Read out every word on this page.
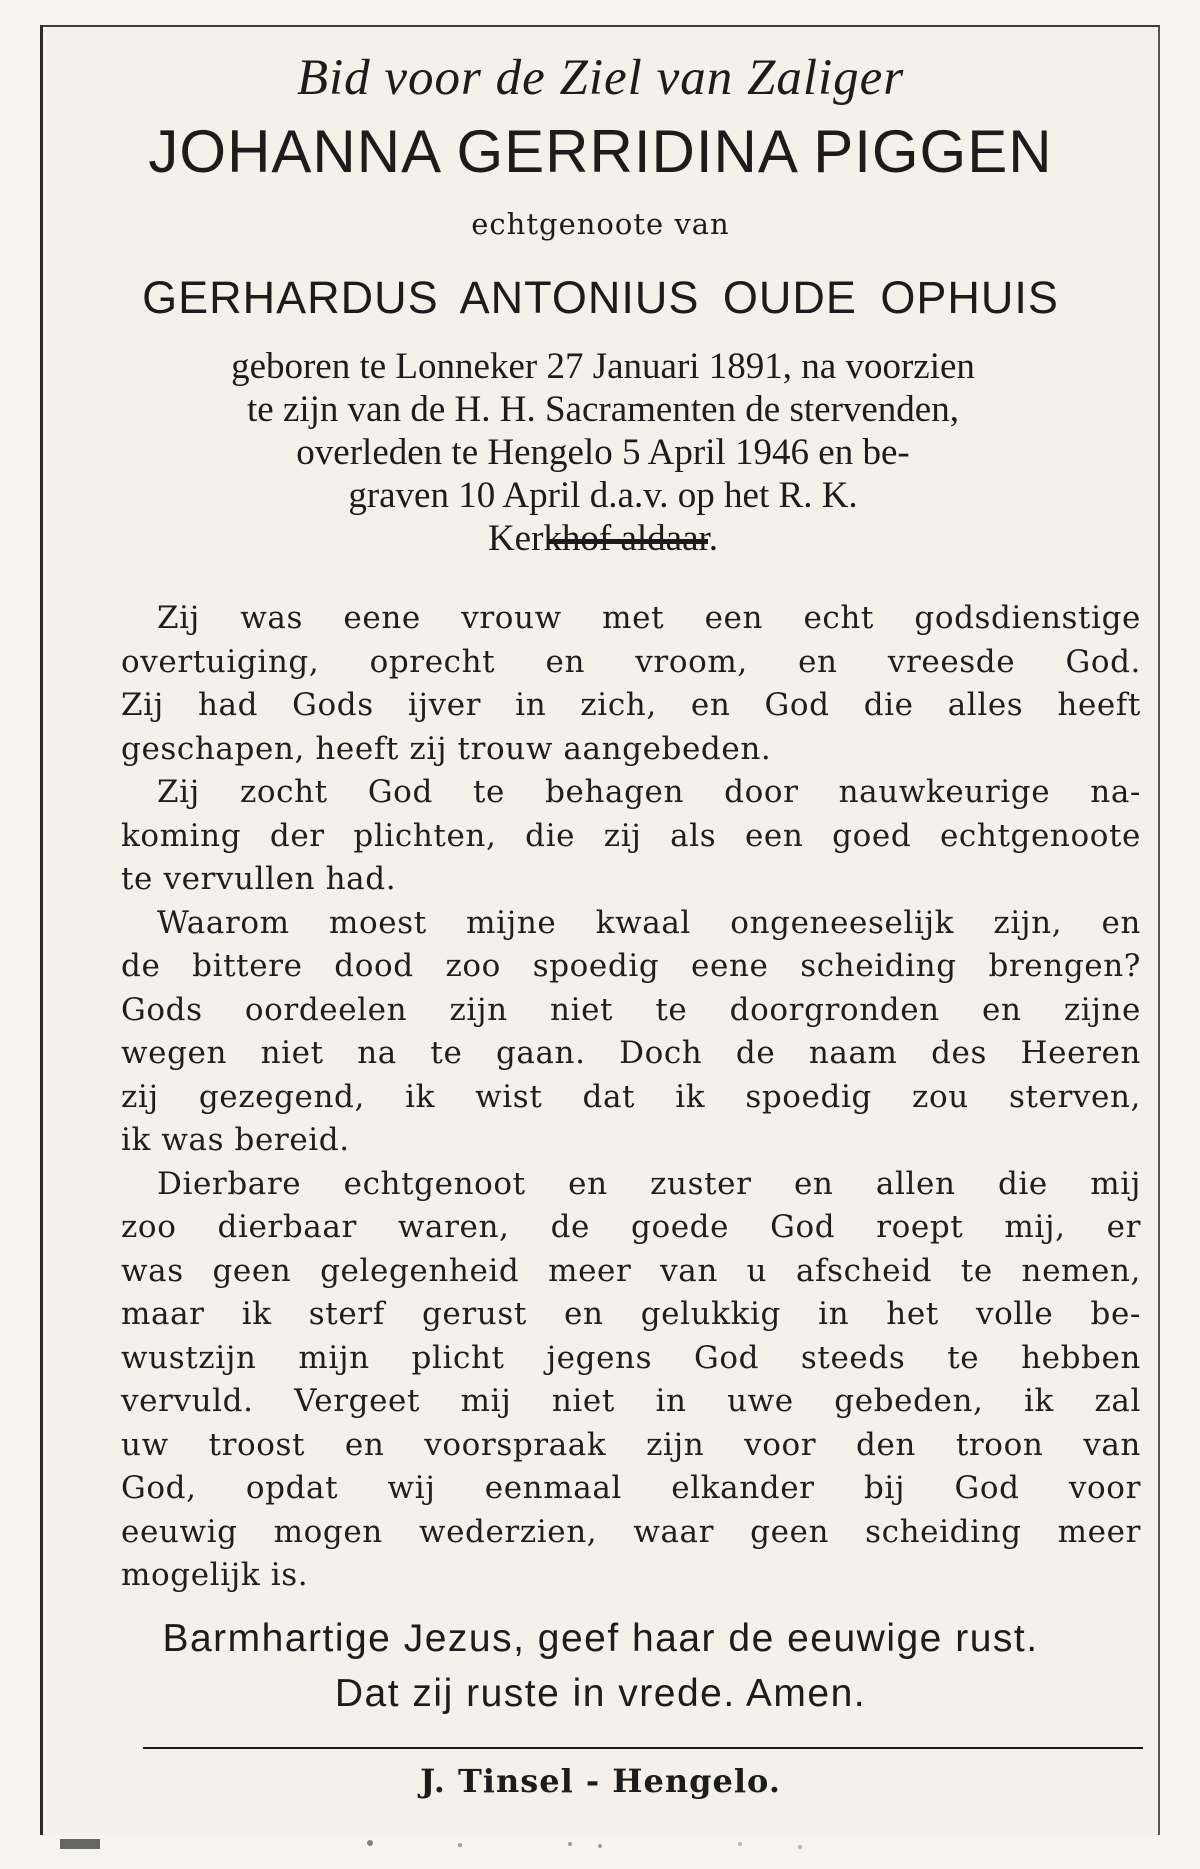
Bid voor de Ziel van Zaliger
JOHANNA GERRIDINA PIGGEN
echtgenoote van
GERHARDUS ANTONIUS OUDE OPHUIS
geboren te Lonneker 27 Januari 1891, na voorzien
te zijn van de H. H. Sacramenten de stervenden,
overleden te Hengelo 5 April 1946 en be-
graven 10 April d.a.v. op het R. K.
Kerkhof aldaar.
Zij was eene vrouw met een echt godsdienstige
overtuiging, oprecht en vroom, en vreesde God.
Zij had Gods ijver in zich, en God die alles heeft
geschapen, heeft zij trouw aangebeden.
Zij zocht God te behagen door nauwkeurige na-
koming der plichten, die zij als een goed echtgenoote
te vervullen had.
Waarom moest mijne kwaal ongeneeselijk zijn, en
de bittere dood zoo spoedig eene scheiding brengen?
Gods oordeelen zijn niet te doorgronden en zijne
wegen niet na te gaan. Doch de naam des Heeren
zij gezegend, ik wist dat ik spoedig zou sterven,
ik was bereid.
Dierbare echtgenoot en zuster en allen die mij
zoo dierbaar waren, de goede God roept mij, er
was geen gelegenheid meer van u afscheid te nemen,
maar ik sterf gerust en gelukkig in het volle be-
wustzijn mijn plicht jegens God steeds te hebben
vervuld. Vergeet mij niet in uwe gebeden, ik zal
uw troost en voorspraak zijn voor den troon van
God, opdat wij eenmaal elkander bij God voor
eeuwig mogen wederzien, waar geen scheiding meer
mogelijk is.
Barmhartige Jezus, geef haar de eeuwige rust.
Dat zij ruste in vrede. Amen.
J. Tinsel - Hengelo.
